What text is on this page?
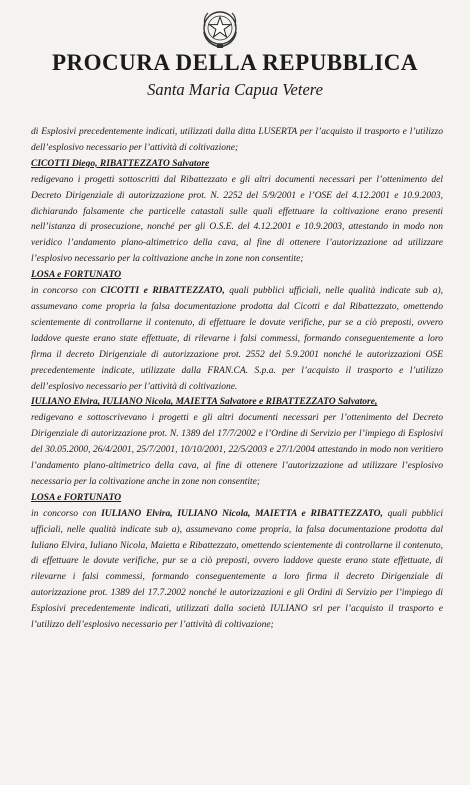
PROCURA DELLA REPUBBLICA
Santa Maria Capua Vetere

di Esplosivi precedentemente indicati, utilizzati dalla ditta LUSERTA per l’acquisto il trasporto e l’utilizzo dell’esplosivo necessario per l’attività di coltivazione;

CICOTTI Diego, RIBATTEZZATO Salvatore

redigevano i progetti sottoscritti dal Ribattezzato e gli altri documenti necessari per l’ottenimento del Decreto Dirigenziale di autorizzazione prot. N. 2252 del 5/9/2001 e l’OSE del 4.12.2001 e 10.9.2003, dichiarando falsamente che particelle catastali sulle quali effettuare la coltivazione erano presenti nell’istanza di prosecuzione, nonché per gli O.S.E. del 4.12.2001 e 10.9.2003, attestando in modo non veridico l’andamento plano-altimetrico della cava, al fine di ottenere l’autorizzazione ad utilizzare l’esplosivo necessario per la coltivazione anche in zone non consentite;

LOSA e FORTUNATO

in concorso con CICOTTI e RIBATTEZZATO, quali pubblici ufficiali, nelle qualità indicate sub a), assumevano come propria la falsa documentazione prodotta dal Cicotti e dal Ribattezzato, omettendo scientemente di controllarne il contenuto, di effettuare le dovute verifiche, pur se a ciò preposti, ovvero laddove queste erano state effettuate, di rilevarne i falsi commessi, formando conseguentemente a loro firma il decreto Dirigenziale di autorizzazione prot. 2552 del 5.9.2001 nonché le autorizzazioni OSE precedentemente indicate, utilizzate dalla FRAN.CA. S.p.a. per l’acquisto il trasporto e l’utilizzo dell’esplosivo necessario per l’attività di coltivazione.

IULIANO Elvira, IULIANO Nicola, MAIETTA Salvatore e RIBATTEZZATO Salvatore,

redigevano e sottoscrivevano i progetti e gli altri documenti necessari per l’ottenimento del Decreto Dirigenziale di autorizzazione prot. N. 1389 del 17/7/2002 e l’Ordine di Servizio per l’impiego di Esplosivi del 30.05.2000, 26/4/2001, 25/7/2001, 10/10/2001, 22/5/2003 e 27/1/2004 attestando in modo non veritiero l’andamento plano-altimetrico della cava, al fine di ottenere l’autorizzazione ad utilizzare l’esplosivo necessario per la coltivazione anche in zone non consentite;

LOSA e FORTUNATO

in concorso con IULIANO Elvira, IULIANO Nicola, MAIETTA e RIBATTEZZATO, quali pubblici ufficiali, nelle qualità indicate sub a), assumevano come propria, la falsa documentazione prodotta dal Iuliano Elvira, Iuliano Nicola, Maietta e Ribattezzato, omettendo scientemente di controllarne il contenuto, di effettuare le dovute verifiche, pur se a ciò preposti, ovvero laddove queste erano state effettuate, di rilevarne i falsi commessi, formando conseguentemente a loro firma il decreto Dirigenziale di autorizzazione prot. 1389 del 17.7.2002 nonché le autorizzazioni e gli Ordini di Servizio per l’impiego di Esplosivi precedentemente indicati, utilizzati dalla società IULIANO srl per l’acquisto il trasporto e l’utilizzo dell’esplosivo necessario per l’attività di coltivazione;
